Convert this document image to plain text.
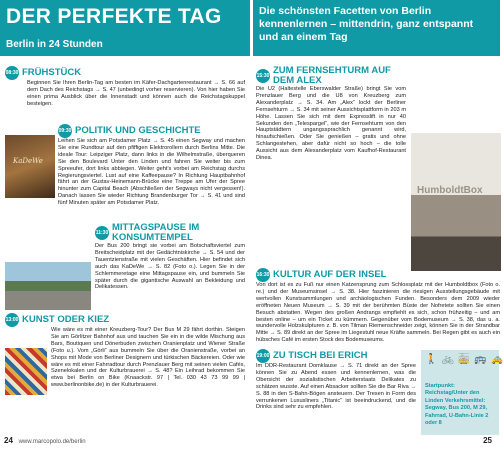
DER PERFEKTE TAG
Berlin in 24 Stunden
08:30 FRÜHSTÜCK

Beginnen Sie Ihren Berlin-Tag am besten im Käfer-Dachgartenrestaurant → S. 66 auf dem Dach des Reichstags → S. 47 (unbedingt vorher reservieren). Von hier haben Sie einen prima Ausblick über die Innenstadt und können auch die Reichstagskuppel besteigen.

KaDeWe
09:30 POLITIK UND GESCHICHTE

Leihen Sie sich am Potsdamer Platz → S. 45 einen Segway und machen Sie eine Rundtour auf den pfiffigen Elektrorollern durch Berlins Mitte. Die ideale Tour: Leipziger Platz, dann links in die Wilhelmstraße, überqueren Sie den Boulevard Unter den Linden und fahren Sie weiter bis zum Spreeufer, dort links abbiegen. Weiter geht’s vorbei am Reichstag durchs Regierungsviertel. Lust auf eine Kaffeepause? In Richtung Hauptbahnhof fährt an der Gustav-Heinemann-Brücke eine Treppe am Ufer der Spree hinunter zum Capital Beach (Abschließen der Segways nicht vergessen!). Danach lassen Sie wieder Richtung Brandenburger Tor → S. 41 und sind fünf Minuten später am Potsdamer Platz.

11:30 MITTAGSPAUSE IM KONSUMTEMPEL

Der Bus 200 bringt sie vorbei am Botschaftsviertel zum Breitscheidplatz mit der Gedächtniskirche → S. 54 und der Tauentzienstraße mit vielen Geschäften. Hier befindet sich auch das KaDeWe → S. 82 (Foto o.). Legen Sie in der Schlemmeretage eine Mittagspause ein, und bummeln Sie später durch die gigantische Auswahl an Bekleidung und Delikatessen.

13:00 KUNST ODER KIEZ

Wie wäre es mit einer Kreuzberg-Tour? Der Bus M 29 fährt dorthin. Steigen Sie am Görlitzer Bahnhof aus und tauchen Sie ein in die wilde Mischung aus Bars, Boutiquen und Dönerbuden zwischen Oranienplatz und Wiener Straße (Foto u.). Vom „Görli“ aus bummeln Sie über die Oranienstraße, vorbei an Shops mit Mode von Berliner Designern und türkischen Bäckereien. Oder wie wäre es mit einer Fahrradtour durch Prenzlauer Berg mit seinen vielen Cafés, Szenelokalen und der Kulturbrauerei → S. 48? Ein Leihrad bekommen Sie etwa bei Berlin on Bike (Knaackstr. 97 | Tel. 030 43 73 99 99 | www.berlinonbike.de) in der Kulturbrauerei.

24 www.marcopolo.de/berlin

Die schönsten Facetten von Berlin kennenlernen – mittendrin, ganz entspannt und an einem Tag

15:30 ZUM FERNSEHTURM AUF DEM ALEX

Die U2 (Haltestelle Eberswalder Straße) bringt Sie vom Prenzlauer Berg und die U8 von Kreuzberg zum Alexanderplatz → S. 34. Am „Alex“ lockt der Berliner Fernsehturm → S. 34 mit seiner Aussichtsplattform in 203 m Höhe. Lassen Sie sich mit dem Expresslift in nur 40 Sekunden den „Telespargel“, wie der Fernsehturm von den Hauptstädtern ungangssprachlich genannt wird, hinaufschießen. Oder Sie genießen – gratis und ohne Schlangestehen, aber dafür nicht so hoch – die tolle Aussicht aus dem Alexanderplatz vom Kaufhof-Restaurant Dinea.

HumboldtBox
16:30 KULTUR AUF DER INSEL

Von dort ist es zu Fuß nur einen Katzensprung zum Schlossplatz mit der Humboldtbox (Foto o. re.) und der Museumsinsel → S. 38. Hier faszinieren die riesigen Ausstellungsgebäude mit wertvollen Kunstsammlungen und archäologischen Funden. Besonders dem 2009 wieder eröffneten Neuen Museum → S. 39 mit der berühmten Büste der Nofretete sollten Sie einen Besuch abstatten. Wegen des großen Andrangs empfiehlt es sich, schon frühzeitig – und am besten online – um ein Ticket zu kümmern. Gegenüber vom Bodemuseum → S. 38, das u. a. wundervolle Holzskulpturen z. B. von Tilman Riemenschneider zeigt, können Sie in der Strandbar Mitte → S. 89 direkt an der Spree im Liegestuhl neue Kräfte sammeln. Bei Regen gibt es auch ein hübsches Café im ersten Stock des Bodemuseums.

19:00 ZU TISCH BEI ERICH

Im DDR-Restaurant Domklause → S. 71 direkt an der Spree können Sie zu Abend essen und kennenlernen, was die Obersicht der sozialistischen Arbeiterstaats Delikates zu schätzen wusste. Auf einen Absacker sollten Sie die Bar Riva → S. 88 in den S-Bahn-Bögen ansteuern. Der Tresen in Form des verrunkenen Luxusliners „Titanic“ ist beeindruckend, und die Drinks sind sehr zu empfehlen.

🚶 🚲 🚋 🚌 🚕

Startpunkt: Reichstag/Unter den Linden Verkehrsmittel: Segway, Bus 200, M 29, Fahrrad, U-Bahn-Linie 2 oder 8

25
